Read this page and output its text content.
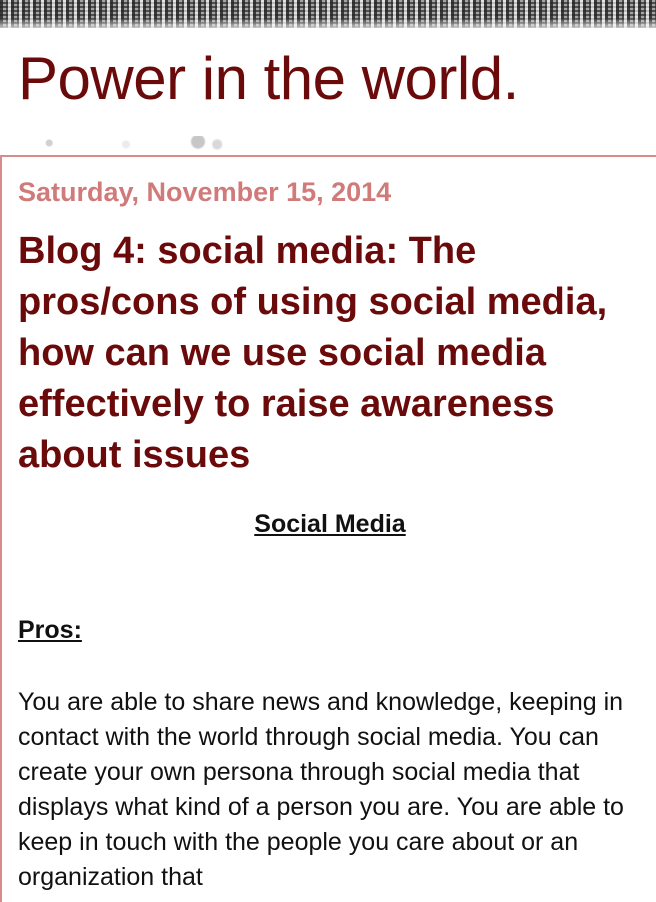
Power in the world.
Saturday, November 15, 2014
Blog 4: social media: The pros/cons of using social media, how can we use social media effectively to raise awareness about issues

Social Media

Pros:

You are able to share news and knowledge, keeping in contact with the world through social media. You can create your own persona through social media that displays what kind of a person you are. You are able to keep in touch with the people you care about or an organization that
